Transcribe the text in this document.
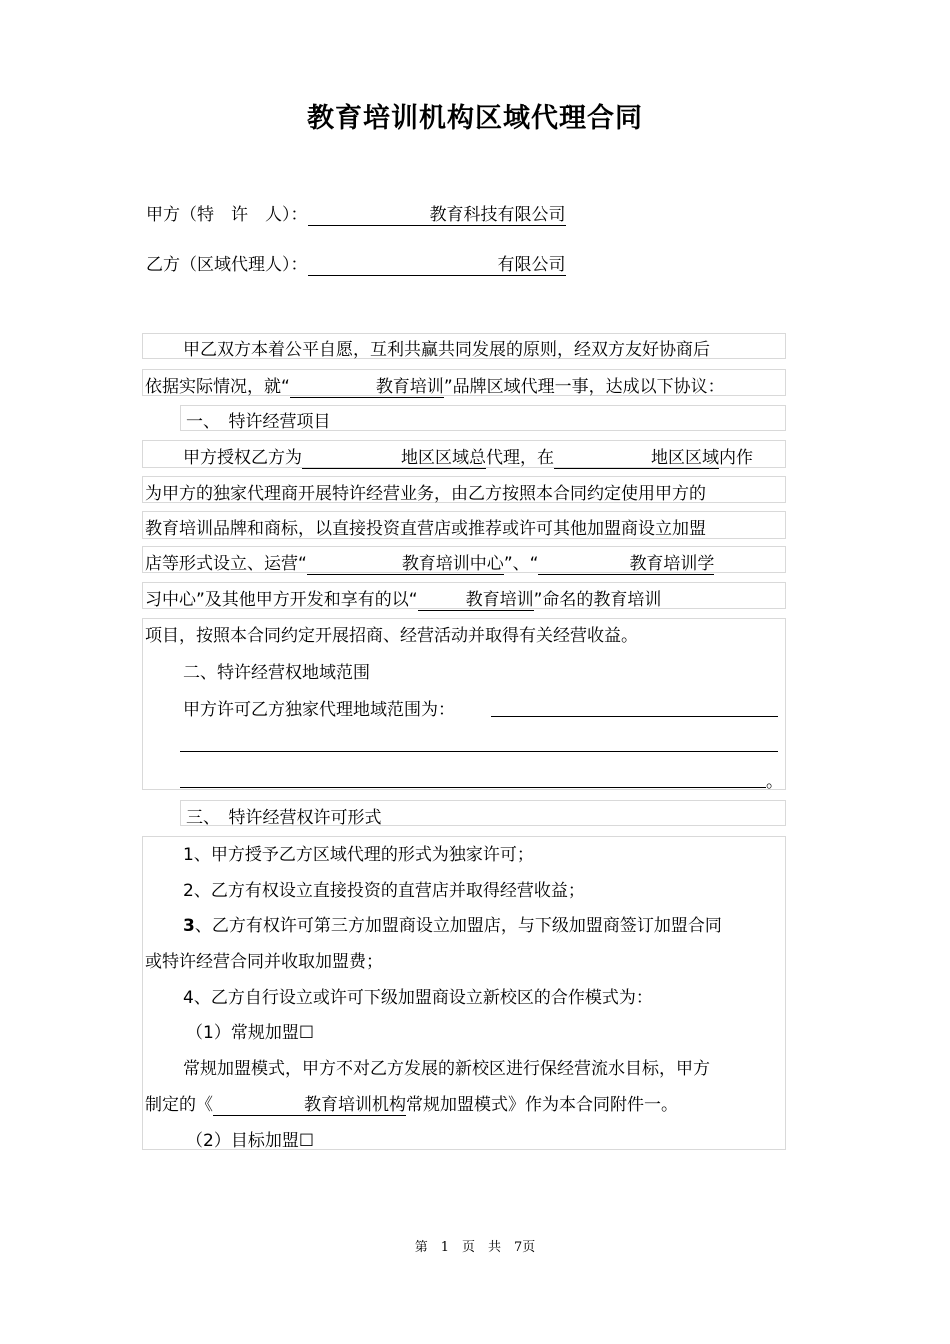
教育培训机构区域代理合同
甲方（特　许　人）：	教育科技有限公司
乙方（区域代理人）：	有限公司
甲乙双方本着公平自愿，互利共赢共同发展的原则，经双方友好协商后
依据实际情况，就“	教育培训”品牌区域代理一事，达成以下协议：
一、　特许经营项目
甲方授权乙方为	地区区域总代理，在	地区区域内作
为甲方的独家代理商开展特许经营业务，由乙方按照本合同约定使用甲方的
教育培训品牌和商标，以直接投资直营店或推荐或许可其他加盟商设立加盟
店等形式设立、运营“	教育培训中心”、“	教育培训学
习中心”及其他甲方开发和享有的以“	教育培训”命名的教育培训
项目，按照本合同约定开展招商、经营活动并取得有关经营收益。
二、特许经营权地域范围
甲方许可乙方独家代理地域范围为：
。
三、　特许经营权许可形式
1、甲方授予乙方区域代理的形式为独家许可；
2、乙方有权设立直接投资的直营店并取得经营收益；
3、乙方有权许可第三方加盟商设立加盟店，与下级加盟商签订加盟合同
或特许经营合同并收取加盟费；
4、乙方自行设立或许可下级加盟商设立新校区的合作模式为：
（1）常规加盟☐
常规加盟模式，甲方不对乙方发展的新校区进行保经营流水目标，甲方
制定的《	教育培训机构常规加盟模式》作为本合同附件一。
（2）目标加盟☐
第　1　页　共　7页
